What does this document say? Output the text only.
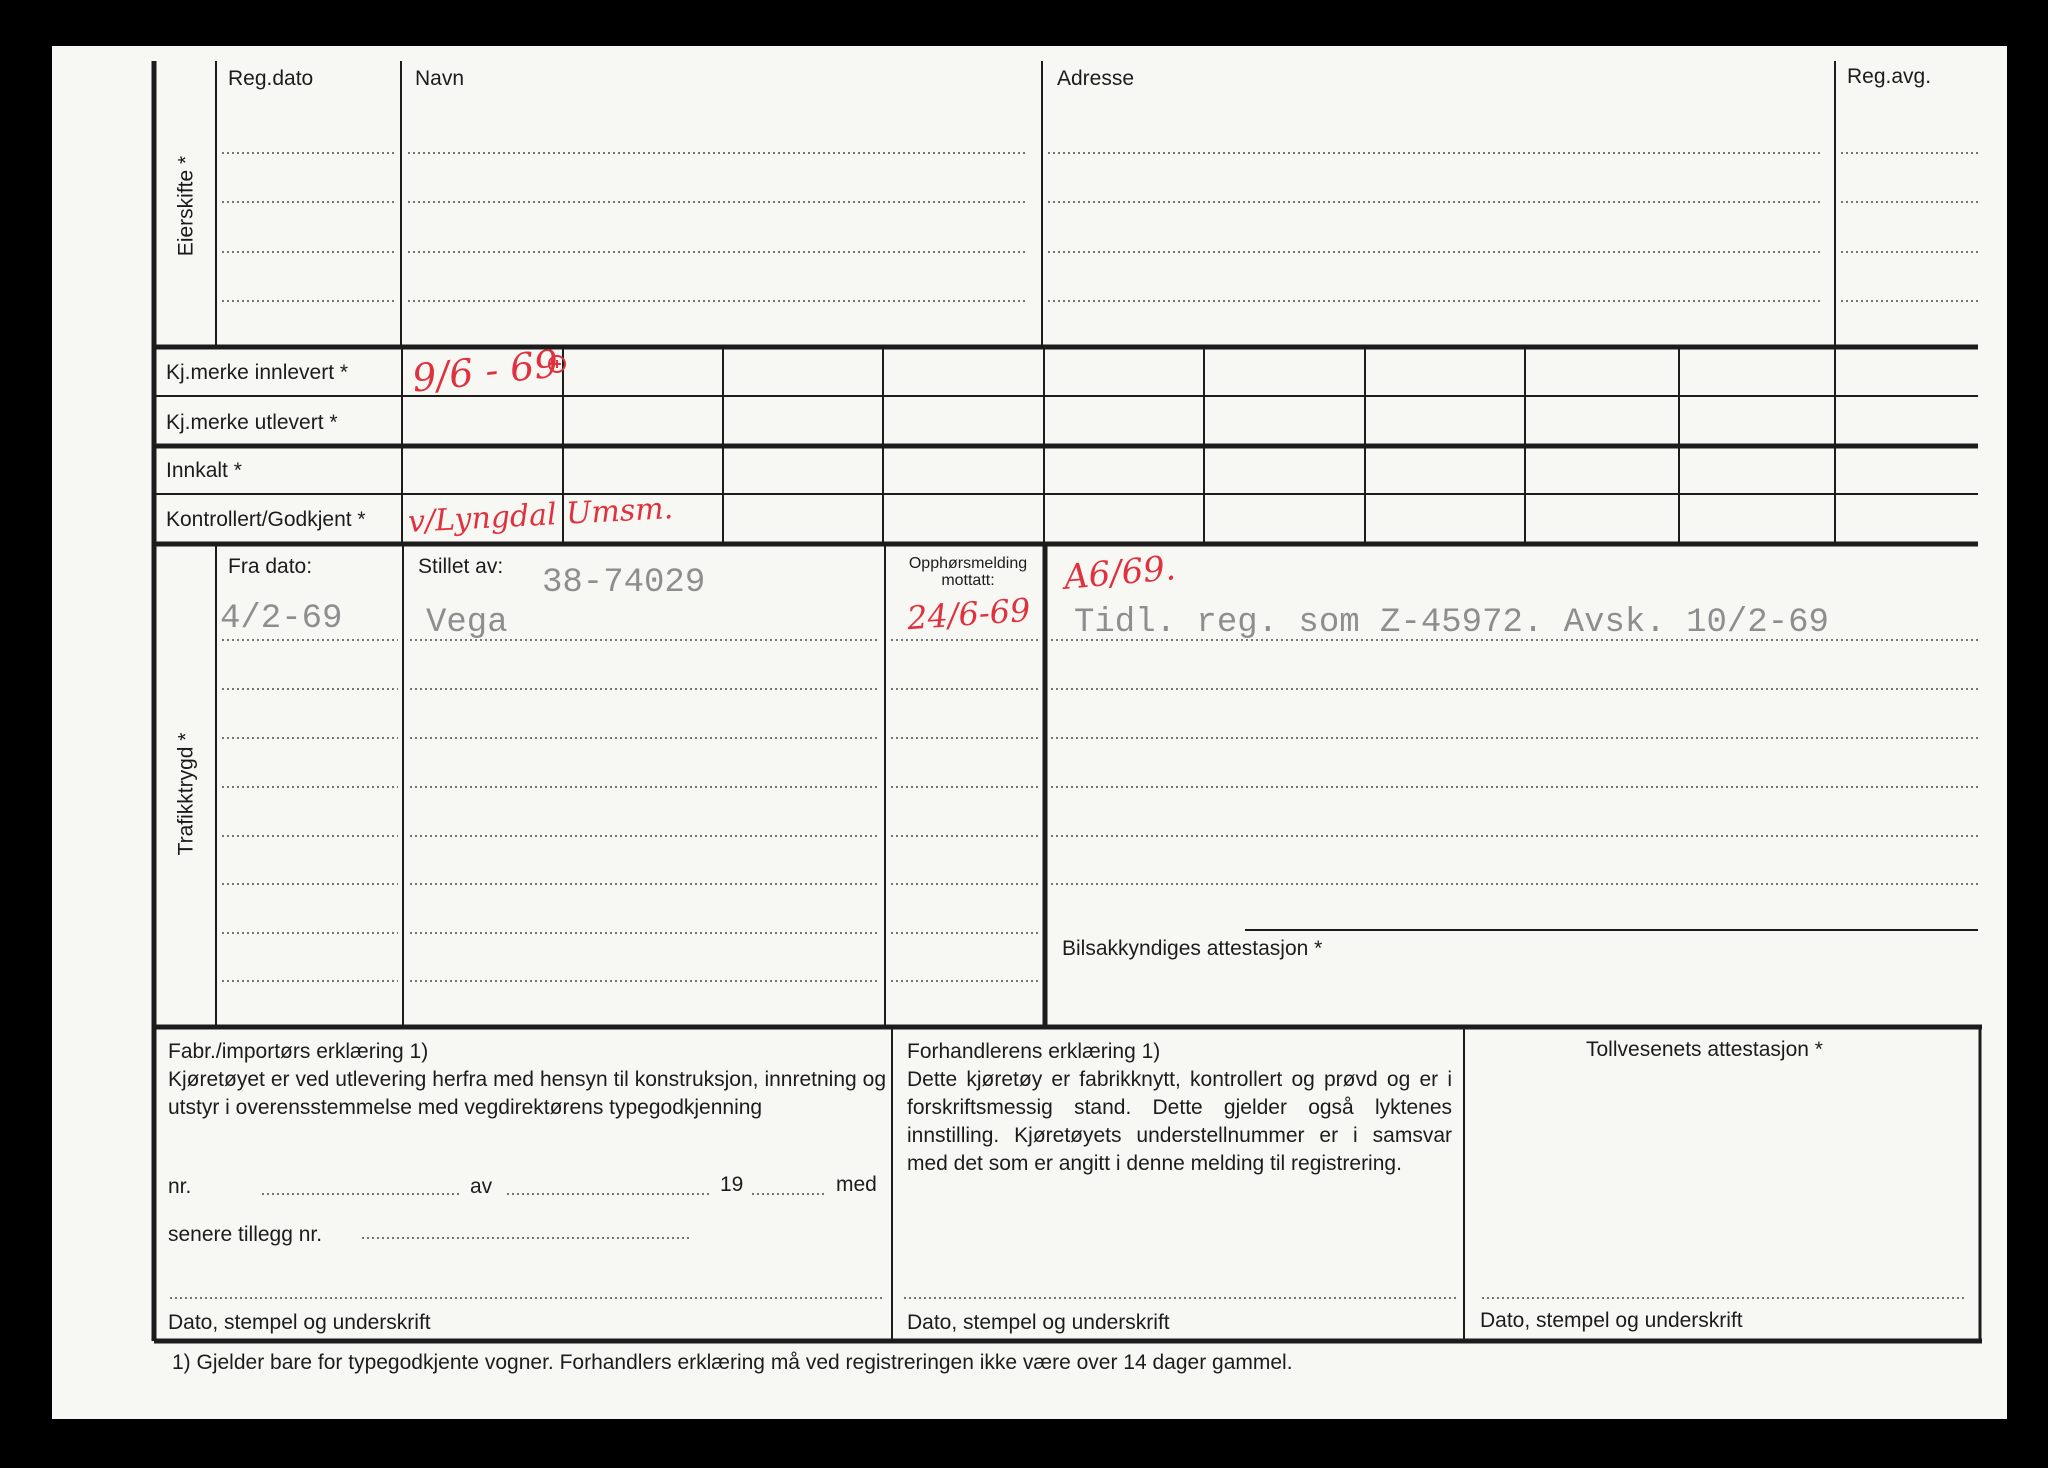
Eierskifte *
Reg.dato	Navn	Adresse	Reg.avg.
Kj.merke innlevert * 9/6 - 69
Kj.merke utlevert *
Innkalt *
Kontrollert/Godkjent * v/Lyngdal Umsm.
Trafikktrygd *
Fra dato:
4/2-69
Stillet av: 38-74029
Vega
Opphørsmelding mottatt:
24/6-69
A6/69.
Tidl. reg. som Z-45972. Avsk. 10/2-69
Bilsakkyndiges attestasjon *
Fabr./importørs erklæring 1)
Kjøretøyet er ved utlevering herfra med hensyn til konstruksjon, innretning og utstyr i overensstemmelse med vegdirektørens typegodkjenning
nr.	av	19	med
senere tillegg nr.
Dato, stempel og underskrift
Forhandlerens erklæring 1)
Dette kjøretøy er fabrikknytt, kontrollert og prøvd og er i forskriftsmessig stand. Dette gjelder også lyktenes innstilling. Kjøretøyets understellnummer er i samsvar med det som er angitt i denne melding til registrering.
Dato, stempel og underskrift
Tollvesenets attestasjon *
Dato, stempel og underskrift
1) Gjelder bare for typegodkjente vogner. Forhandlers erklæring må ved registreringen ikke være over 14 dager gammel.
